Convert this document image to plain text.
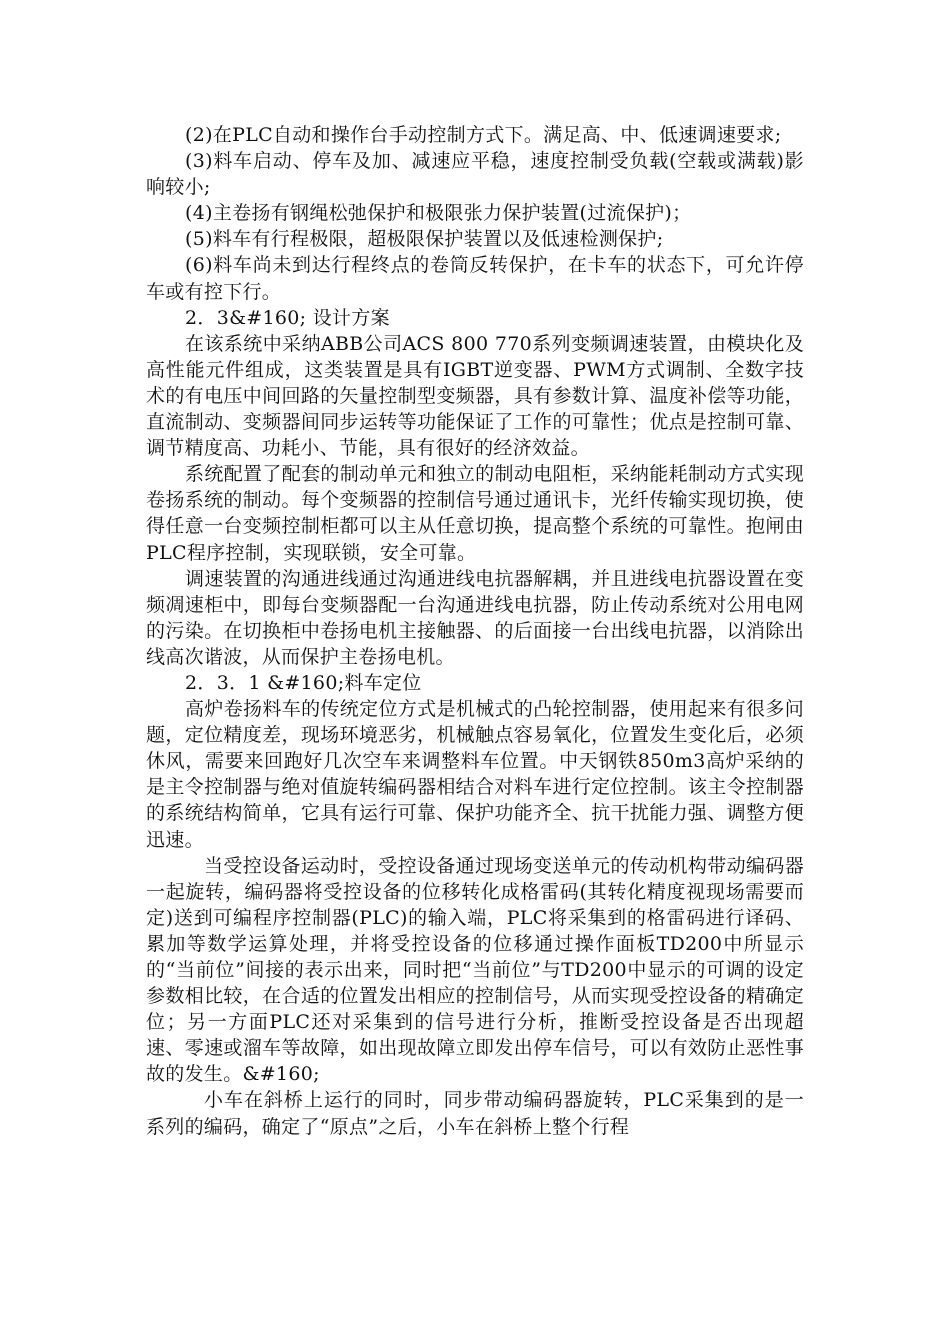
(2)在PLC自动和操作台手动控制方式下。满足高、中、低速调速要求;

(3)料车启动、停车及加、减速应平稳，速度控制受负载(空载或满载)影响较小;

(4)主卷扬有钢绳松弛保护和极限张力保护装置(过流保护)；

(5)料车有行程极限，超极限保护装置以及低速检测保护;

(6)料车尚未到达行程终点的卷筒反转保护，在卡车的状态下，可允许停车或有控下行。

2．3&#160; 设计方案

在该系统中采纳ABB公司ACS 800 770系列变频调速装置，由模块化及高性能元件组成，这类装置是具有IGBT逆变器、PWM方式调制、全数字技术的有电压中间回路的矢量控制型变频器，具有参数计算、温度补偿等功能，直流制动、变频器间同步运转等功能保证了工作的可靠性；优点是控制可靠、调节精度高、功耗小、节能，具有很好的经济效益。

系统配置了配套的制动单元和独立的制动电阻柜，采纳能耗制动方式实现卷扬系统的制动。每个变频器的控制信号通过通讯卡，光纤传输实现切换，使得任意一台变频控制柜都可以主从任意切换，提高整个系统的可靠性。抱闸由PLC程序控制，实现联锁，安全可靠。

调速装置的沟通进线通过沟通进线电抗器解耦，并且进线电抗器设置在变频凋速柜中，即每台变频器配一台沟通进线电抗器，防止传动系统对公用电网的污染。在切换柜中卷扬电机主接触器、的后面接一台出线电抗器，以消除出线高次谐波，从而保护主卷扬电机。

2．3．1 &#160;料车定位

高炉卷扬料车的传统定位方式是机械式的凸轮控制器，使用起来有很多问题，定位精度差，现场环境恶劣，机械触点容易氧化，位置发生变化后，必须休风，需要来回跑好几次空车来调整料车位置。中天钢铁850m3高炉采纳的是主令控制器与绝对值旋转编码器相结合对料车进行定位控制。该主令控制器的系统结构简单，它具有运行可靠、保护功能齐全、抗干扰能力强、调整方便迅速。

当受控设备运动时，受控设备通过现场变送单元的传动机构带动编码器一起旋转，编码器将受控设备的位移转化成格雷码(其转化精度视现场需要而定)送到可编程序控制器(PLC)的输入端，PLC将采集到的格雷码进行译码、累加等数学运算处理，并将受控设备的位移通过操作面板TD200中所显示的“当前位”间接的表示出来，同时把“当前位”与TD200中显示的可调的设定参数相比较，在合适的位置发出相应的控制信号，从而实现受控设备的精确定位；另一方面PLC还对采集到的信号进行分析，推断受控设备是否出现超速、零速或溜车等故障，如出现故障立即发出停车信号，可以有效防止恶性事故的发生。&#160;

小车在斜桥上运行的同时，同步带动编码器旋转，PLC采集到的是一系列的编码，确定了“原点”之后，小车在斜桥上整个行程
